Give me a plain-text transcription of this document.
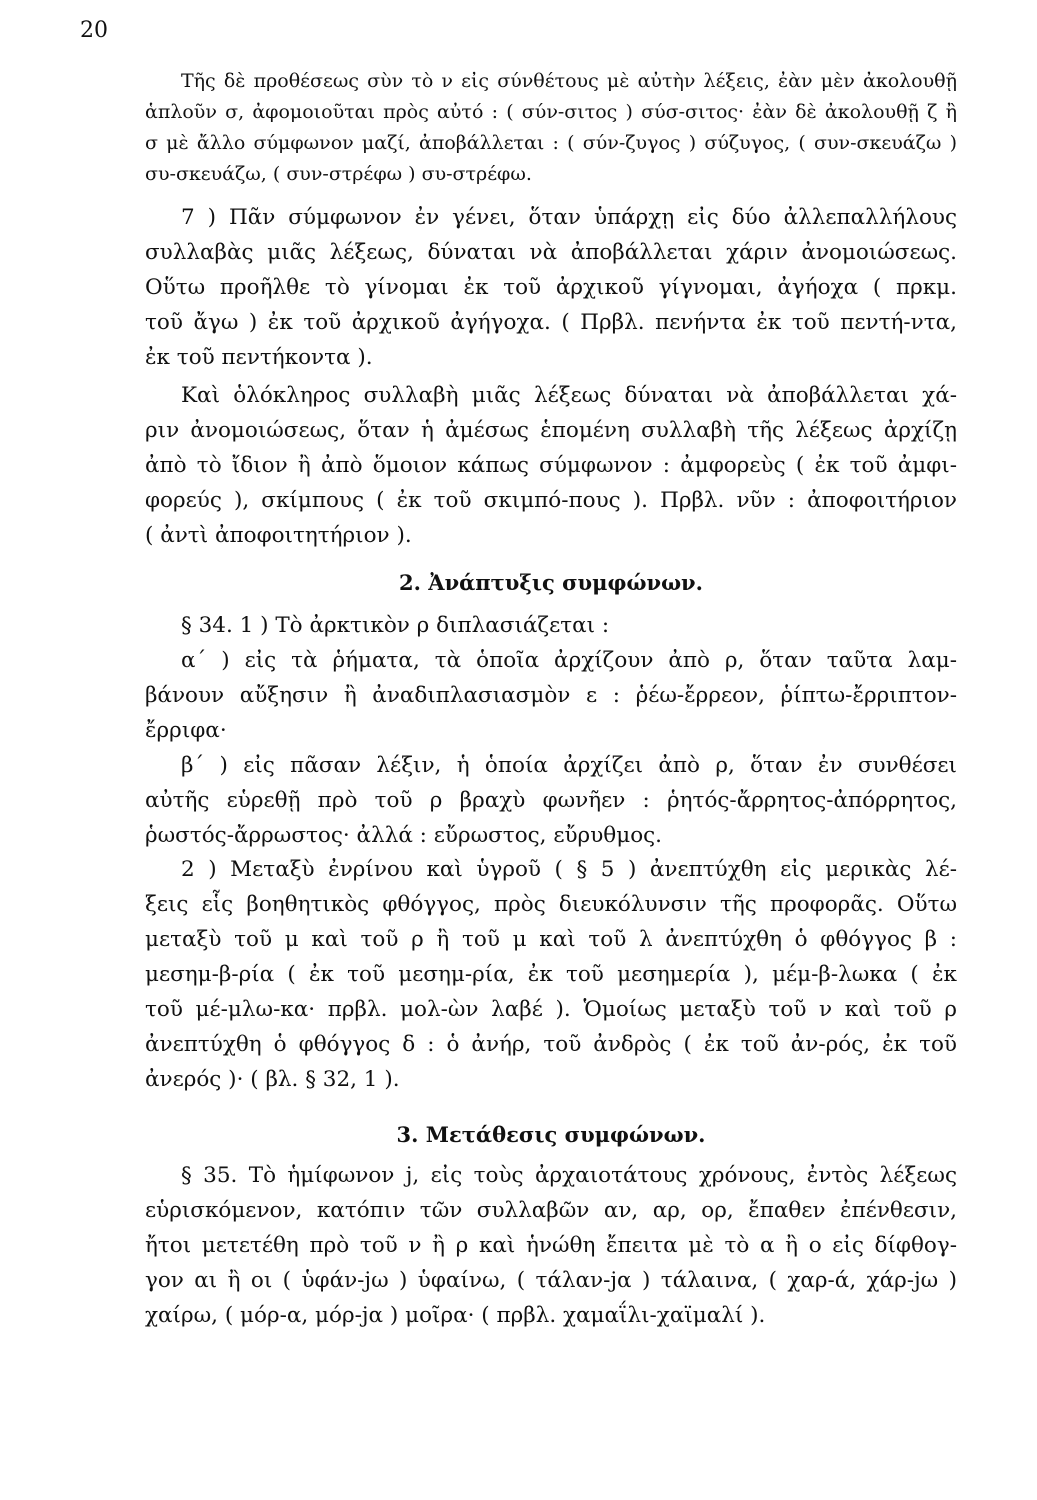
20
Τῆς δὲ προθέσεως σὺν τὸ ν εἰς σύνθέτους μὲ αὐτὴν λέξεις, ἐὰν μὲν ἀκολουθῇ
ἁπλοῦν σ, ἀφομοιοῦται πρὸς αὐτό : ( σύν-σιτος ) σύσ-σιτος· ἐὰν δὲ ἀκολουθῇ ζ ἢ
σ μὲ ἄλλο σύμφωνον μαζί, ἀποβάλλεται : ( σύν-ζυγος ) σύζυγος, ( συν-σκευάζω )
συ-σκευάζω, ( συν-στρέφω ) συ-στρέφω.
7 ) Πᾶν σύμφωνον ἐν γένει, ὅταν ὑπάρχῃ εἰς δύο ἀλλεπαλλήλους
συλλαβὰς μιᾶς λέξεως, δύναται νὰ ἀποβάλλεται χάριν ἀνομοιώσεως.
Οὕτω προῆλθε τὸ γίνομαι ἐκ τοῦ ἀρχικοῦ γίγνομαι, ἀγήοχα ( πρκμ.
τοῦ ἄγω ) ἐκ τοῦ ἀρχικοῦ ἀγήγοχα. ( Πρβλ. πενήντα ἐκ τοῦ πεντή-ντα,
ἐκ τοῦ πεντήκοντα ).
Καὶ ὁλόκληρος συλλαβὴ μιᾶς λέξεως δύναται νὰ ἀποβάλλεται χά-
ριν ἀνομοιώσεως, ὅταν ἡ ἀμέσως ἑπομένη συλλαβὴ τῆς λέξεως ἀρχίζῃ
ἀπὸ τὸ ἴδιον ἢ ἀπὸ ὅμοιον κάπως σύμφωνον : ἀμφορεὺς ( ἐκ τοῦ ἀμφι-
φορεύς ), σκίμπους ( ἐκ τοῦ σκιμπό-πους ). Πρβλ. νῦν : ἀποφοιτήριον
( ἀντὶ ἀποφοιτητήριον ).
2. Ἀνάπτυξις συμφώνων.
§ 34. 1 ) Τὸ ἀρκτικὸν ρ διπλασιάζεται :
α΄ ) εἰς τὰ ῥήματα, τὰ ὁποῖα ἀρχίζουν ἀπὸ ρ, ὅταν ταῦτα λαμ-
βάνουν αὔξησιν ἢ ἀναδιπλασιασμὸν ε : ῥέω-ἔρρεον, ῥίπτω-ἔρριπτον-
ἔρριφα·
β΄ ) εἰς πᾶσαν λέξιν, ἡ ὁποία ἀρχίζει ἀπὸ ρ, ὅταν ἐν συνθέσει
αὐτῆς εὑρεθῇ πρὸ τοῦ ρ βραχὺ φωνῆεν : ῥητός-ἄρρητος-ἀπόρρητος,
ῥωστός-ἄρρωστος· ἀλλά : εὔρωστος, εὔρυθμος.
2 ) Μεταξὺ ἐνρίνου καὶ ὑγροῦ ( § 5 ) ἀνεπτύχθη εἰς μερικὰς λέ-
ξεις εἷς βοηθητικὸς φθόγγος, πρὸς διευκόλυνσιν τῆς προφορᾶς. Οὕτω
μεταξὺ τοῦ μ καὶ τοῦ ρ ἢ τοῦ μ καὶ τοῦ λ ἀνεπτύχθη ὁ φθόγγος β :
μεσημ-β-ρία ( ἐκ τοῦ μεσημ-ρία, ἐκ τοῦ μεσημερία ), μέμ-β-λωκα ( ἐκ
τοῦ μέ-μλω-κα· πρβλ. μολ-ὼν λαβέ ). Ὁμοίως μεταξὺ τοῦ ν καὶ τοῦ ρ
ἀνεπτύχθη ὁ φθόγγος δ : ὁ ἀνήρ, τοῦ ἀνδρὸς ( ἐκ τοῦ ἀν-ρός, ἐκ τοῦ
ἀνερός )· ( βλ. § 32, 1 ).
3. Μετάθεσις συμφώνων.
§ 35. Τὸ ἡμίφωνον j, εἰς τοὺς ἀρχαιοτάτους χρόνους, ἐντὸς λέξεως
εὑρισκόμενον, κατόπιν τῶν συλλαβῶν αν, αρ, ορ, ἔπαθεν ἐπένθεσιν,
ἤτοι μετετέθη πρὸ τοῦ ν ἢ ρ καὶ ἡνώθη ἔπειτα μὲ τὸ α ἢ ο εἰς δίφθογ-
γον αι ἢ οι ( ὑφάν-jω ) ὑφαίνω, ( τάλαν-jα ) τάλαινα, ( χαρ-ά, χάρ-jω )
χαίρω, ( μόρ-α, μόρ-jα ) μοῖρα· ( πρβλ. χαμαΐλι-χαϊμαλί ).
